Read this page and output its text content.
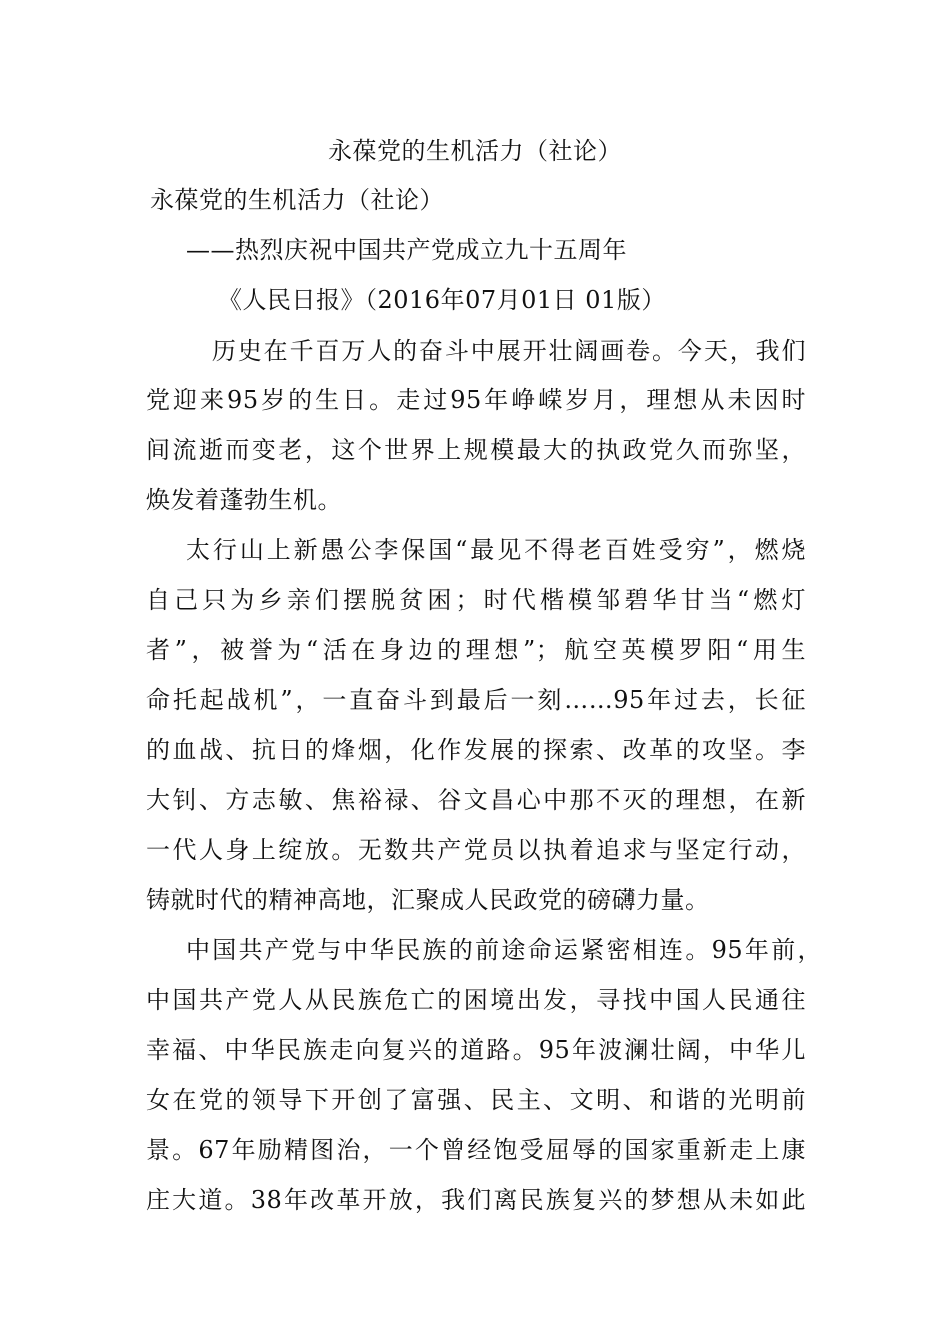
永葆党的生机活力（社论）
永葆党的生机活力（社论）
——热烈庆祝中国共产党成立九十五周年
《人民日报》（2016年07月01日 01版）
　历史在千百万人的奋斗中展开壮阔画卷。今天，我们
党迎来95岁的生日。走过95年峥嵘岁月，理想从未因时
间流逝而变老，这个世界上规模最大的执政党久而弥坚，
焕发着蓬勃生机。
太行山上新愚公李保国“最见不得老百姓受穷”，燃烧
自己只为乡亲们摆脱贫困；时代楷模邹碧华甘当“燃灯
者”，被誉为“活在身边的理想”；航空英模罗阳“用生
命托起战机”，一直奋斗到最后一刻……95年过去，长征
的血战、抗日的烽烟，化作发展的探索、改革的攻坚。李
大钊、方志敏、焦裕禄、谷文昌心中那不灭的理想，在新
一代人身上绽放。无数共产党员以执着追求与坚定行动，
铸就时代的精神高地，汇聚成人民政党的磅礴力量。
中国共产党与中华民族的前途命运紧密相连。95年前，
中国共产党人从民族危亡的困境出发，寻找中国人民通往
幸福、中华民族走向复兴的道路。95年波澜壮阔，中华儿
女在党的领导下开创了富强、民主、文明、和谐的光明前
景。67年励精图治，一个曾经饱受屈辱的国家重新走上康
庄大道。38年改革开放，我们离民族复兴的梦想从未如此
